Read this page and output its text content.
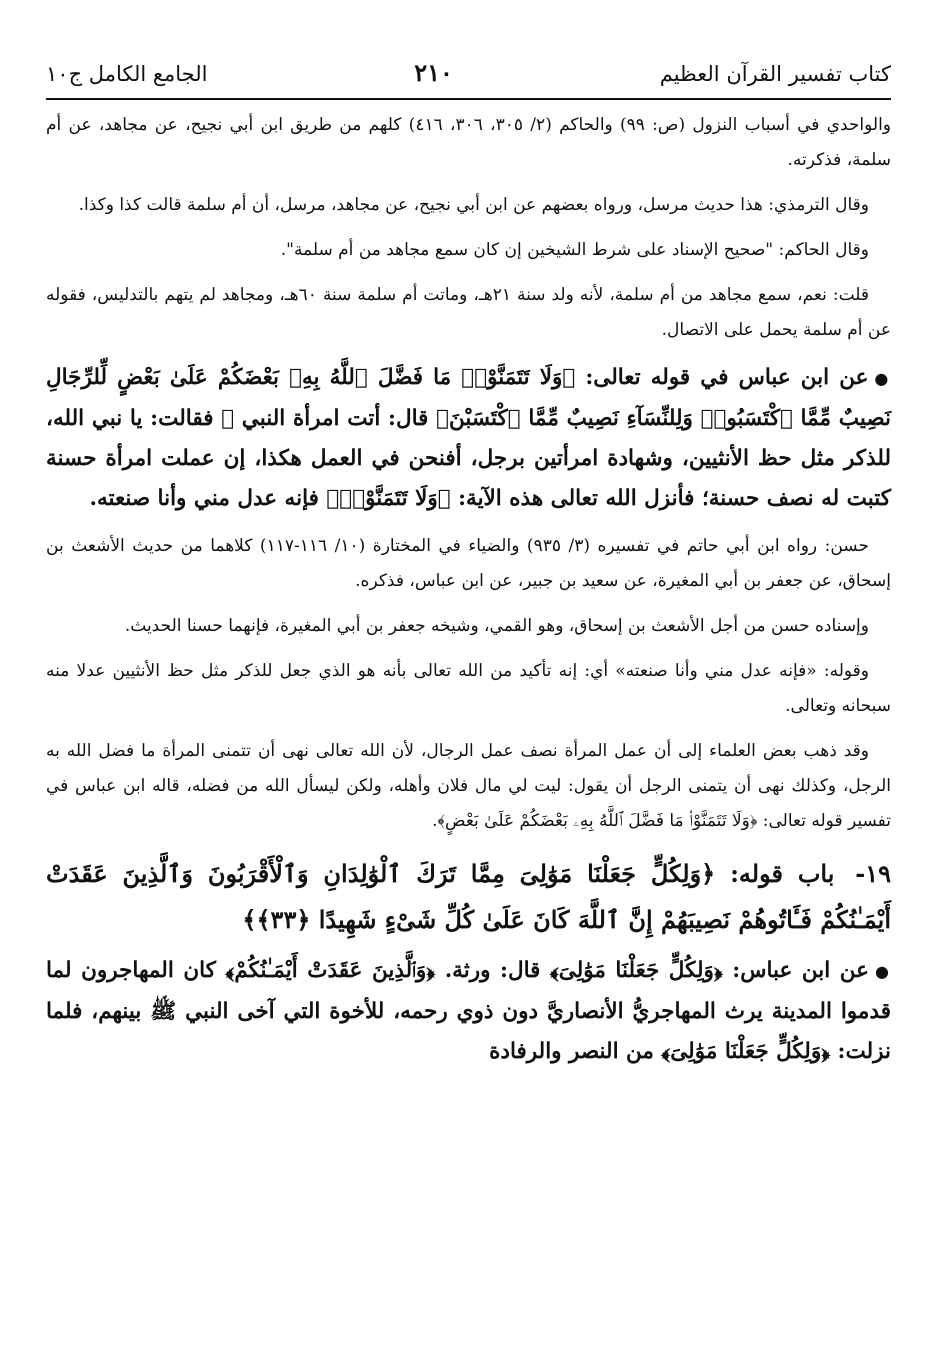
كتاب تفسير القرآن العظيم
٢١٠
الجامع الكامل ج١٠

والواحدي في أسباب النزول (ص: ٩٩) والحاكم (٢/ ٣٠٥، ٣٠٦، ٤١٦) كلهم من طريق ابن أبي نجيح، عن مجاهد، عن أم سلمة، فذكرته.

وقال الترمذي: هذا حديث مرسل، ورواه بعضهم عن ابن أبي نجيح، عن مجاهد، مرسل، أن أم سلمة قالت كذا وكذا.

وقال الحاكم: "صحيح الإسناد على شرط الشيخين إن كان سمع مجاهد من أم سلمة".

قلت: نعم، سمع مجاهد من أم سلمة، لأنه ولد سنة ٢١هـ، وماتت أم سلمة سنة ٦٠هـ، ومجاهد لم يتهم بالتدليس، فقوله عن أم سلمة يحمل على الاتصال.

● عن ابن عباس في قوله تعالى: ﴿وَلَا تَتَمَنَّوْا۟ مَا فَضَّلَ ٱللَّهُ بِهِۦ بَعْضَكُمْ عَلَىٰ بَعْضٍ لِّلرِّجَالِ نَصِيبٌ مِّمَّا ٱكْتَسَبُوا۟ وَلِلنِّسَآءِ نَصِيبٌ مِّمَّا ٱكْتَسَبْنَ﴾ قال: أتت امرأة النبي ﷺ فقالت: يا نبي الله، للذكر مثل حظ الأنثيين، وشهادة امرأتين برجل، أفنحن في العمل هكذا، إن عملت امرأة حسنة كتبت له نصف حسنة؛ فأنزل الله تعالى هذه الآية: ﴿وَلَا تَتَمَنَّوْا۟﴾ فإنه عدل مني وأنا صنعته.

حسن: رواه ابن أبي حاتم في تفسيره (٣/ ٩٣٥) والضياء في المختارة (١٠/ ١١٦-١١٧) كلاهما من حديث الأشعث بن إسحاق، عن جعفر بن أبي المغيرة، عن سعيد بن جبير، عن ابن عباس، فذكره.

وإسناده حسن من أجل الأشعث بن إسحاق، وهو القمي، وشيخه جعفر بن أبي المغيرة، فإنهما حسنا الحديث.

وقوله: «فإنه عدل مني وأنا صنعته» أي: إنه تأكيد من الله تعالى بأنه هو الذي جعل للذكر مثل حظ الأنثيين عدلا منه سبحانه وتعالى.

وقد ذهب بعض العلماء إلى أن عمل المرأة نصف عمل الرجال، لأن الله تعالى نهى أن تتمنى المرأة ما فضل الله به الرجل، وكذلك نهى أن يتمنى الرجل أن يقول: ليت لي مال فلان وأهله، ولكن ليسأل الله من فضله، قاله ابن عباس في تفسير قوله تعالى: ﴿وَلَا تَتَمَنَّوْا۟ مَا فَضَّلَ ٱللَّهُ بِهِۦ بَعْضَكُمْ عَلَىٰ بَعْضٍ﴾.

١٩- باب قوله: ﴿وَلِكُلٍّ جَعَلْنَا مَوَٰلِىَ مِمَّا تَرَكَ ٱلْوَٰلِدَانِ وَٱلْأَقْرَبُونَ وَٱلَّذِينَ عَقَدَتْ أَيْمَـٰنُكُمْ فَـَٔاتُوهُمْ نَصِيبَهُمْ إِنَّ ٱللَّهَ كَانَ عَلَىٰ كُلِّ شَىْءٍ شَهِيدًا ﴿٣٣﴾﴾

● عن ابن عباس: ﴿وَلِكُلٍّ جَعَلْنَا مَوَٰلِىَ﴾ قال: ورثة. ﴿وَٱلَّذِينَ عَقَدَتْ أَيْمَـٰنُكُمْ﴾ كان المهاجرون لما قدموا المدينة يرث المهاجريُّ الأنصاريَّ دون ذوي رحمه، للأخوة التي آخى النبي ﷺ بينهم، فلما نزلت: ﴿وَلِكُلٍّ جَعَلْنَا مَوَٰلِىَ﴾ من النصر والرفادة
